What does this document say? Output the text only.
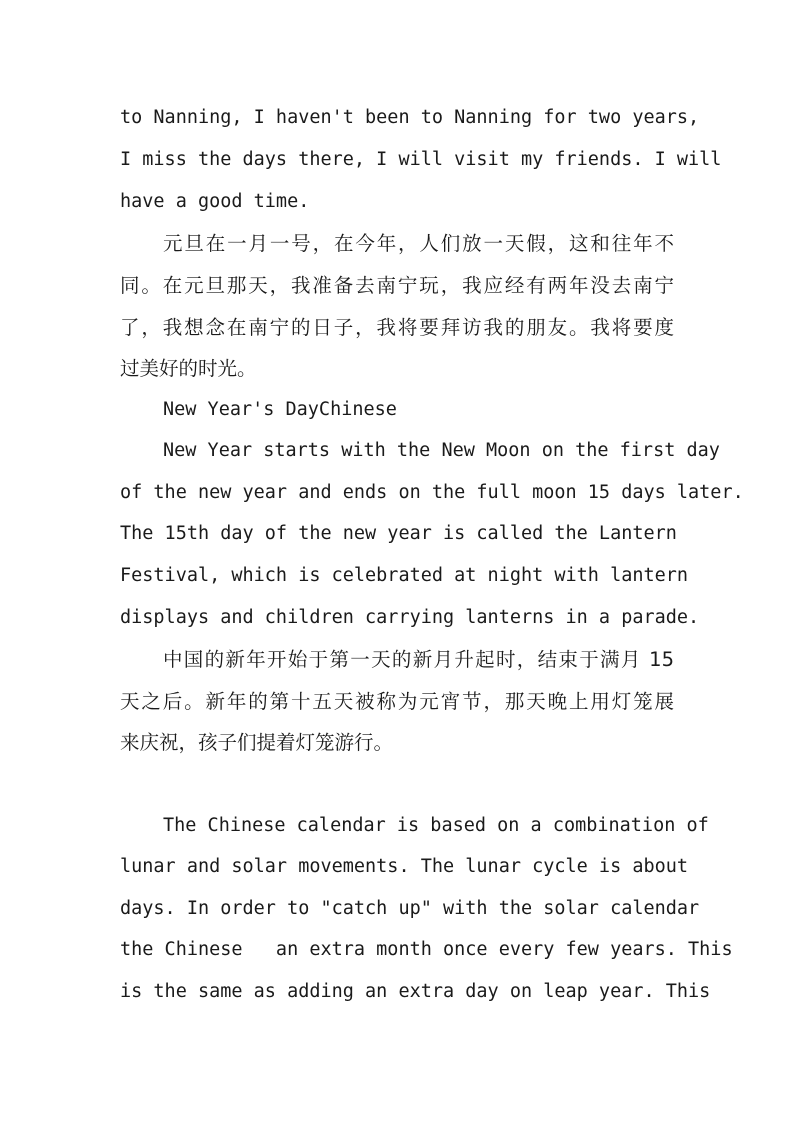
to Nanning, I haven't been to Nanning for two years,
I miss the days there, I will visit my friends. I will
have a good time.
元旦在一月一号，在今年，人们放一天假，这和往年不
同。在元旦那天，我准备去南宁玩，我应经有两年没去南宁
了，我想念在南宁的日子，我将要拜访我的朋友。我将要度
过美好的时光。
New Year's DayChinese
New Year starts with the New Moon on the first day
of the new year and ends on the full moon 15 days later.
The 15th day of the new year is called the Lantern
Festival, which is celebrated at night with lantern
displays and children carrying lanterns in a parade.
中国的新年开始于第一天的新月升起时，结束于满月 15
天之后。新年的第十五天被称为元宵节，那天晚上用灯笼展
来庆祝，孩子们提着灯笼游行。
The Chinese calendar is based on a combination of
lunar and solar movements. The lunar cycle is about
days. In order to "catch up" with the solar calendar
the Chinese   an extra month once every few years. This
is the same as adding an extra day on leap year. This
